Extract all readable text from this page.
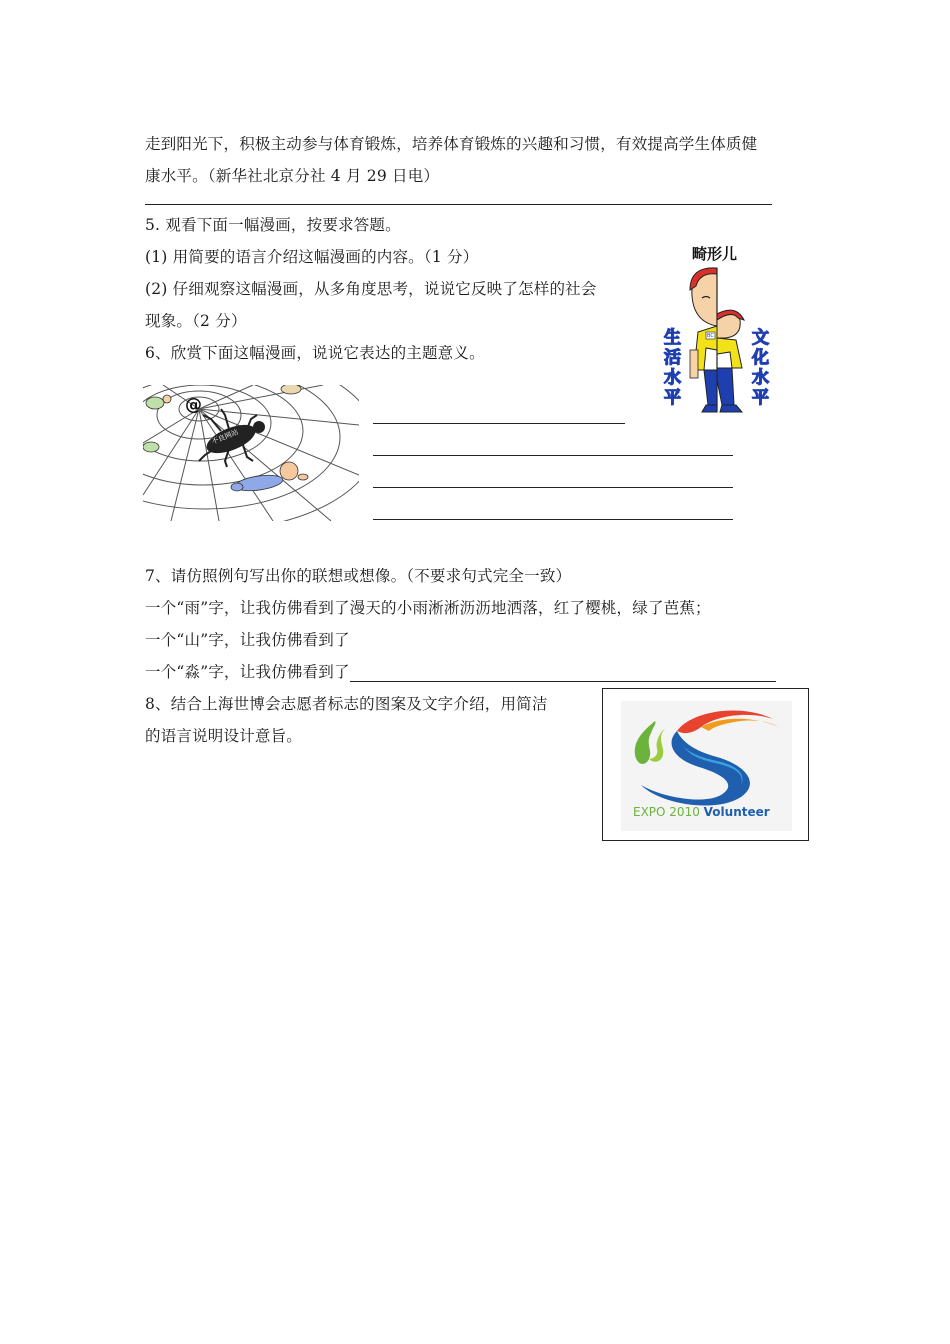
走到阳光下，积极主动参与体育锻炼，培养体育锻炼的兴趣和习惯，有效提高学生体质健
康水平。（新华社北京分社 4 月 29 日电）
5. 观看下面一幅漫画，按要求答题。
(1) 用简要的语言介绍这幅漫画的内容。（1 分）
(2) 仔细观察这幅漫画，从多角度思考，说说它反映了怎样的社会
现象。（2 分）
畸形儿
生活水平
文化水平
BC
6、欣赏下面这幅漫画，说说它表达的主题意义。
@
不良网站
7、请仿照例句写出你的联想或想像。（不要求句式完全一致）
一个“雨”字，让我仿佛看到了漫天的小雨淅淅沥沥地洒落，红了樱桃，绿了芭蕉；
一个“山”字，让我仿佛看到了
一个“淼”字，让我仿佛看到了
8、结合上海世博会志愿者标志的图案及文字介绍，用简洁
的语言说明设计意旨。
EXPO 2010 Volunteer
